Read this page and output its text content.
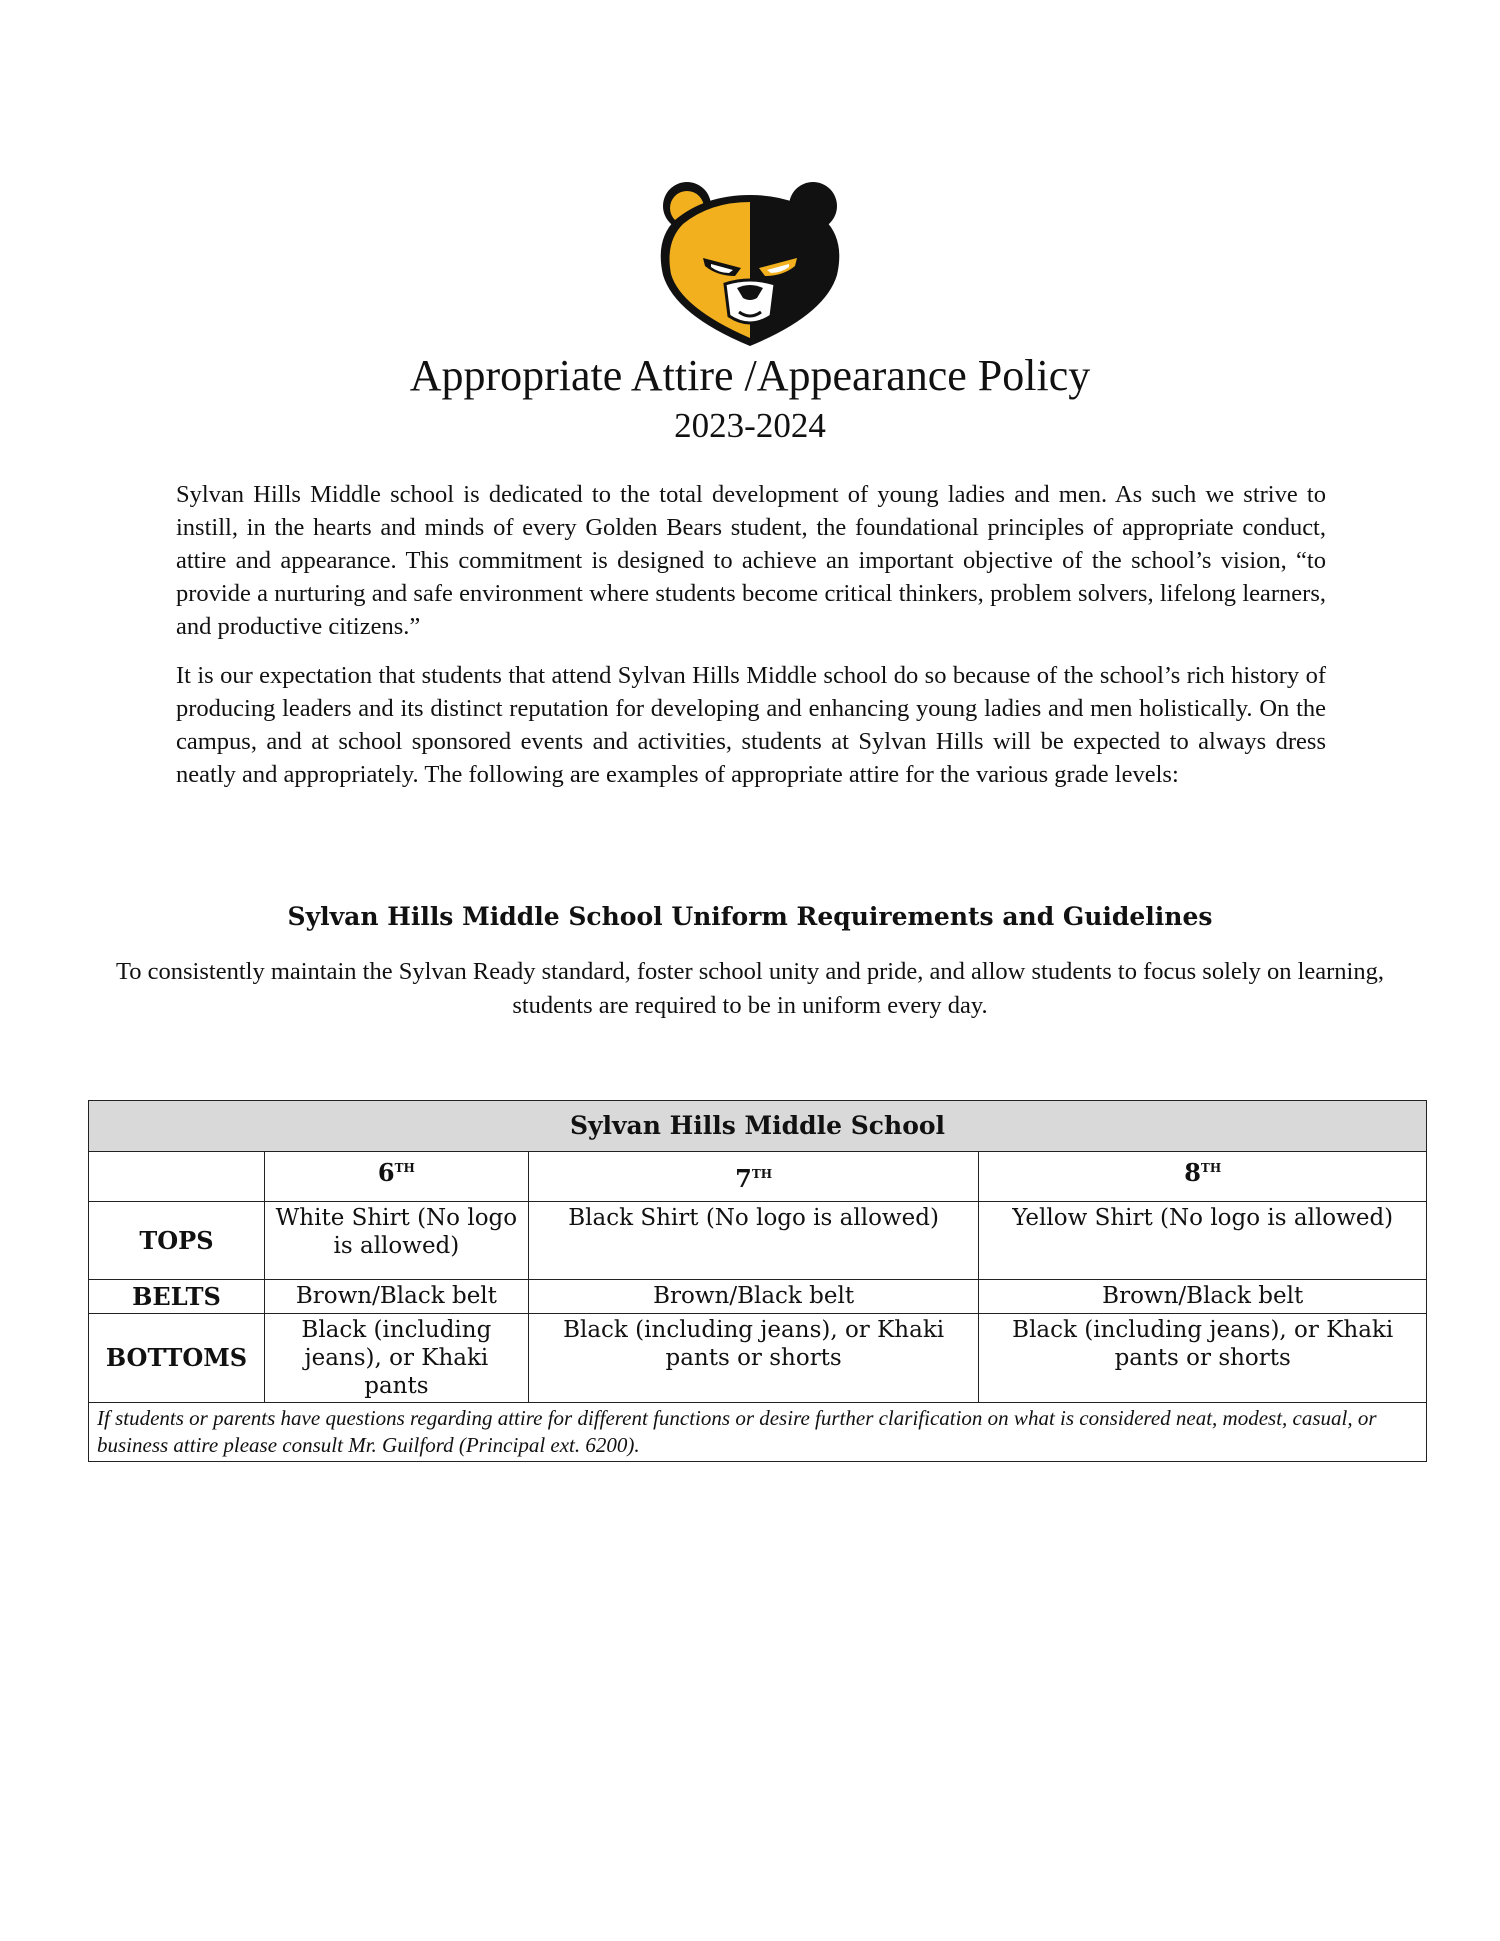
Appropriate Attire /Appearance Policy
2023-2024

Sylvan Hills Middle school is dedicated to the total development of young ladies and men. As such we strive to instill, in the hearts and minds of every Golden Bears student, the foundational principles of appropriate conduct, attire and appearance. This commitment is designed to achieve an important objective of the school’s vision, “to provide a nurturing and safe environment where students become critical thinkers, problem solvers, lifelong learners, and productive citizens.”

It is our expectation that students that attend Sylvan Hills Middle school do so because of the school’s rich history of producing leaders and its distinct reputation for developing and enhancing young ladies and men holistically. On the campus, and at school sponsored events and activities, students at Sylvan Hills will be expected to always dress neatly and appropriately. The following are examples of appropriate attire for the various grade levels:

Sylvan Hills Middle School Uniform Requirements and Guidelines
To consistently maintain the Sylvan Ready standard, foster school unity and pride, and allow students to focus solely on learning, students are required to be in uniform every day.
Sylvan Hills Middle School			
	6TH	7TH	8TH
TOPS	White Shirt (No logo is allowed)	Black Shirt (No logo is allowed)	Yellow Shirt (No logo is allowed)
BELTS	Brown/Black belt	Brown/Black belt	Brown/Black belt
BOTTOMS	Black (including jeans), or Khaki pants	Black (including jeans), or Khaki pants or shorts	Black (including jeans), or Khaki pants or shorts
If students or parents have questions regarding attire for different functions or desire further clarification on what is considered neat, modest, casual, or business attire please consult Mr. Guilford (Principal ext. 6200).			
